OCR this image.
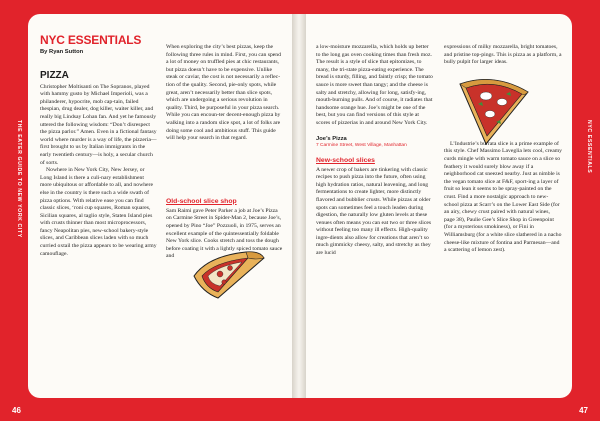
THE EATER GUIDE TO NEW YORK CITY	NYC ESSENTIALS
NYC ESSENTIALS
By Ryan Sutton
PIZZA

Christopher Moltisanti on The Sopranos, played with hammy gusto by Michael Imperioli, was a philanderer, hypocrite, mob cap-tain, failed thespian, drug dealer, dog killer, waiter killer, and really big Lindsay Lohan fan. And yet he famously uttered the following wisdom: “Don’t disrespect the pizza parlor.” Amen. Even in a fictional fantasy world where murder is a way of life, the pizzeria—first brought to us by Italian immigrants in the early twentieth century—is holy, a secular church of sorts.

Nowhere in New York City, New Jersey, or Long Island is there a culi-nary establishment more ubiquitous or affordable to all, and nowhere else in the country is there such a wide swath of pizza options. With relative ease you can find classic slices, ‘roni cup squares, Roman squares, Sicilian squares, al taglio style, Staten Island pies with crusts thinner than most microprocessors, fancy Neapolitan pies, new-school bakery-style slices, and Caribbean slices laden with so much curried oxtail the pizza appears to be wearing army camouflage.

When exploring the city’s best pizzas, keep the following three rules in mind. First, you can spend a lot of money on truffled pies at chic restaurants, but pizza doesn’t have to be expensive. Unlike steak or caviar, the cost is not necessarily a reflec-tion of the quality. Second, pie-only spots, while great, aren’t necessarily better than slice spots, which are undergoing a serious revolution in quality. Third, be purposeful in your pizza search. While you can encoun-ter decent-enough pizza by walking into a random slice spot, a lot of folks are doing some cool and ambitious stuff. This guide will help your search in that regard.

Old-school slice shop

Sam Raimi gave Peter Parker a job at Joe’s Pizza on Carmine Street in Spider-Man 2, because Joe’s, opened by Pino “Joe” Pozzuoli, in 1975, serves an excellent example of the quintessentially foldable New York slice. Cooks stretch and toss the dough before coating it with a lightly spiced tomato sauce and

a low-moisture mozzarella, which holds up better to the long gas oven cooking times than fresh moz. The result is a style of slice that epitomizes, to many, the tri-state pizza-eating experience. The bread is sturdy, filling, and faintly crisp; the tomato sauce is more sweet than tangy; and the cheese is salty and stretchy, allowing for long, satisfy-ing, mouth-burning pulls. And of course, it radiates that handsome orange hue. Joe’s might be one of the best, but you can find versions of this style at scores of pizzerias in and around New York City.

Joe’s Pizza
7 Carmine Street, West Village, Manhattan
New-school slices

A newer crop of bakers are tinkering with classic recipes to push pizza into the future, often using high hydration ratios, natural leavening, and long fermentations to create lighter, more distinctly flavored and bubblier crusts. While pizzas at older spots can sometimes feel a touch leaden during digestion, the naturally low gluten levels at these venues often means you can eat two or three slices without feeling too many ill effects. High-quality ingre-dients also allow for creations that aren’t so much gimmicky cheesy, salty, and stretchy as they are lucid

expressions of milky mozzarella, bright tomatoes, and pristine top-pings. This is pizza as a platform, a bully pulpit for larger ideas.

L’Industrie’s burrata slice is a prime example of this style. Chef Massimo Laveglia lets cool, creamy curds mingle with warm tomato sauce on a slice so feathery it would surely blow away if a neighborhood cat sneezed nearby. Just as nimble is the vegan tomato slice at F&F, sport-ing a layer of fruit so lean it seems to be spray-painted on the crust. Find a more nostalgic approach to new-school pizza at Scarr’s on the Lower East Side (for an airy, chewy crust paired with natural wines, page 38), Paulie Gee’s Slice Shop in Greenpoint (for a mysterious smokiness), or Fini in Williamsburg (for a white slice slathered in a nacho cheese-like mixture of fontina and Parmesan—and a scattering of lemon zest).

46	47
